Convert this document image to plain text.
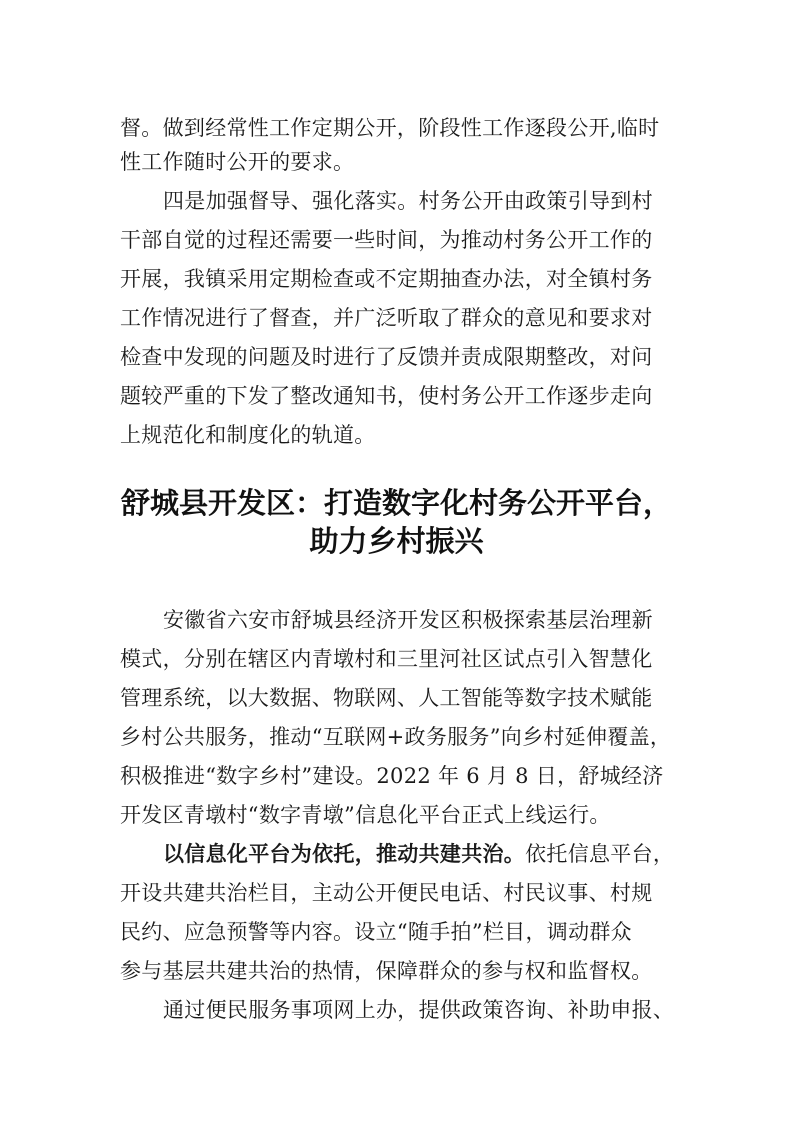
督。做到经常性工作定期公开，阶段性工作逐段公开,临时

性工作随时公开的要求。

四是加强督导、强化落实。村务公开由政策引导到村

干部自觉的过程还需要一些时间，为推动村务公开工作的

开展，我镇采用定期检查或不定期抽查办法，对全镇村务

工作情况进行了督查，并广泛听取了群众的意见和要求对

检查中发现的问题及时进行了反馈并责成限期整改，对问

题较严重的下发了整改通知书，使村务公开工作逐步走向

上规范化和制度化的轨道。

舒城县开发区：打造数字化村务公开平台，
助力乡村振兴

安徽省六安市舒城县经济开发区积极探索基层治理新

模式，分别在辖区内青墩村和三里河社区试点引入智慧化

管理系统，以大数据、物联网、人工智能等数字技术赋能

乡村公共服务，推动“互联网+政务服务”向乡村延伸覆盖，

积极推进“数字乡村”建设。2022 年 6 月 8 日，舒城经济

开发区青墩村“数字青墩”信息化平台正式上线运行。

以信息化平台为依托，推动共建共治。依托信息平台，

开设共建共治栏目，主动公开便民电话、村民议事、村规

民约、应急预警等内容。设立“随手拍”栏目，调动群众

参与基层共建共治的热情，保障群众的参与权和监督权。

通过便民服务事项网上办，提供政策咨询、补助申报、
